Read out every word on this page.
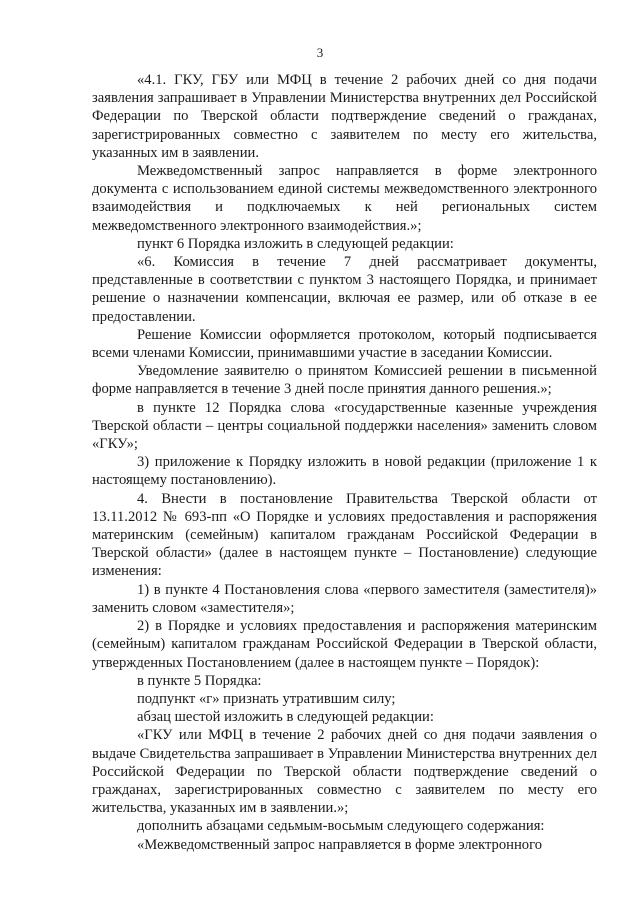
3

«4.1. ГКУ, ГБУ или МФЦ в течение 2 рабочих дней со дня подачи заявления запрашивает в Управлении Министерства внутренних дел Российской Федерации по Тверской области подтверждение сведений о гражданах, зарегистрированных совместно с заявителем по месту его жительства, указанных им в заявлении.

Межведомственный запрос направляется в форме электронного документа с использованием единой системы межведомственного электронного взаимодействия и подключаемых к ней региональных систем межведомственного электронного взаимодействия.»;

пункт 6 Порядка изложить в следующей редакции:

«6. Комиссия в течение 7 дней рассматривает документы, представленные в соответствии с пунктом 3 настоящего Порядка, и принимает решение о назначении компенсации, включая ее размер, или об отказе в ее предоставлении.

Решение Комиссии оформляется протоколом, который подписывается всеми членами Комиссии, принимавшими участие в заседании Комиссии.

Уведомление заявителю о принятом Комиссией решении в письменной форме направляется в течение 3 дней после принятия данного решения.»;

в пункте 12 Порядка слова «государственные казенные учреждения Тверской области – центры социальной поддержки населения» заменить словом «ГКУ»;

3) приложение к Порядку изложить в новой редакции (приложение 1 к настоящему постановлению).

4. Внести в постановление Правительства Тверской области от 13.11.2012 № 693-пп «О Порядке и условиях предоставления и распоряжения материнским (семейным) капиталом гражданам Российской Федерации в Тверской области» (далее в настоящем пункте – Постановление) следующие изменения:

1) в пункте 4 Постановления слова «первого заместителя (заместителя)» заменить словом «заместителя»;

2) в Порядке и условиях предоставления и распоряжения материнским (семейным) капиталом гражданам Российской Федерации в Тверской области, утвержденных Постановлением (далее в настоящем пункте – Порядок):

в пункте 5 Порядка:

подпункт «г» признать утратившим силу;

абзац шестой изложить в следующей редакции:

«ГКУ или МФЦ в течение 2 рабочих дней со дня подачи заявления о выдаче Свидетельства запрашивает в Управлении Министерства внутренних дел Российской Федерации по Тверской области подтверждение сведений о гражданах, зарегистрированных совместно с заявителем по месту его жительства, указанных им в заявлении.»;

дополнить абзацами седьмым-восьмым следующего содержания:

«Межведомственный запрос направляется в форме электронного
